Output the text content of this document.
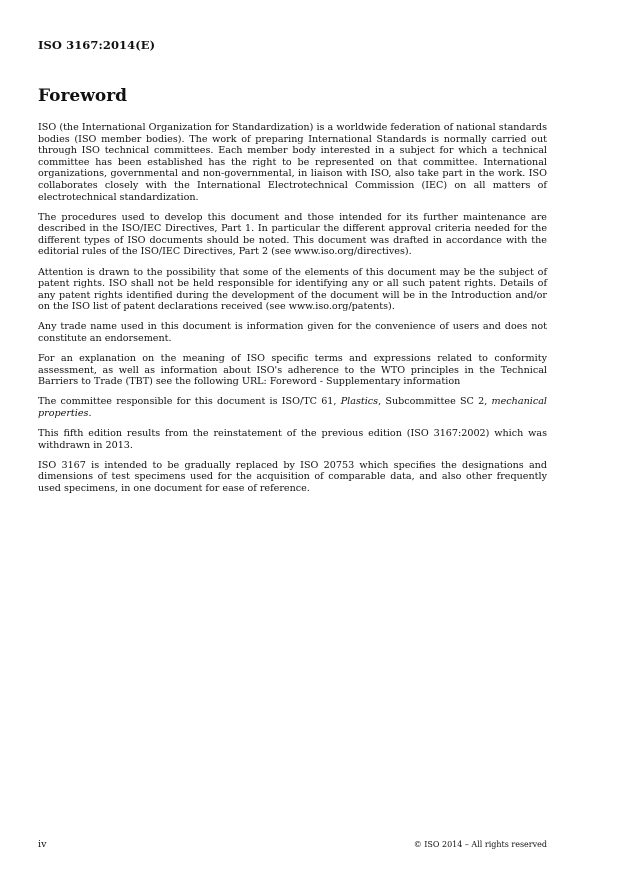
ISO 3167:2014(E)
Foreword

ISO (the International Organization for Standardization) is a worldwide federation of national standards bodies (ISO member bodies). The work of preparing International Standards is normally carried out through ISO technical committees. Each member body interested in a subject for which a technical committee has been established has the right to be represented on that committee. International organizations, governmental and non-governmental, in liaison with ISO, also take part in the work. ISO collaborates closely with the International Electrotechnical Commission (IEC) on all matters of electrotechnical standardization.

The procedures used to develop this document and those intended for its further maintenance are described in the ISO/IEC Directives, Part 1. In particular the different approval criteria needed for the different types of ISO documents should be noted. This document was drafted in accordance with the editorial rules of the ISO/IEC Directives, Part 2 (see www.iso.org/directives).

Attention is drawn to the possibility that some of the elements of this document may be the subject of patent rights. ISO shall not be held responsible for identifying any or all such patent rights. Details of any patent rights identified during the development of the document will be in the Introduction and/or on the ISO list of patent declarations received (see www.iso.org/patents).

Any trade name used in this document is information given for the convenience of users and does not constitute an endorsement.

For an explanation on the meaning of ISO specific terms and expressions related to conformity assessment, as well as information about ISO's adherence to the WTO principles in the Technical Barriers to Trade (TBT) see the following URL: Foreword - Supplementary information

The committee responsible for this document is ISO/TC 61, Plastics, Subcommittee SC 2, mechanical properties.

This fifth edition results from the reinstatement of the previous edition (ISO 3167:2002) which was withdrawn in 2013.

ISO 3167 is intended to be gradually replaced by ISO 20753 which specifies the designations and dimensions of test specimens used for the acquisition of comparable data, and also other frequently used specimens, in one document for ease of reference.

iv	© ISO 2014 – All rights reserved
